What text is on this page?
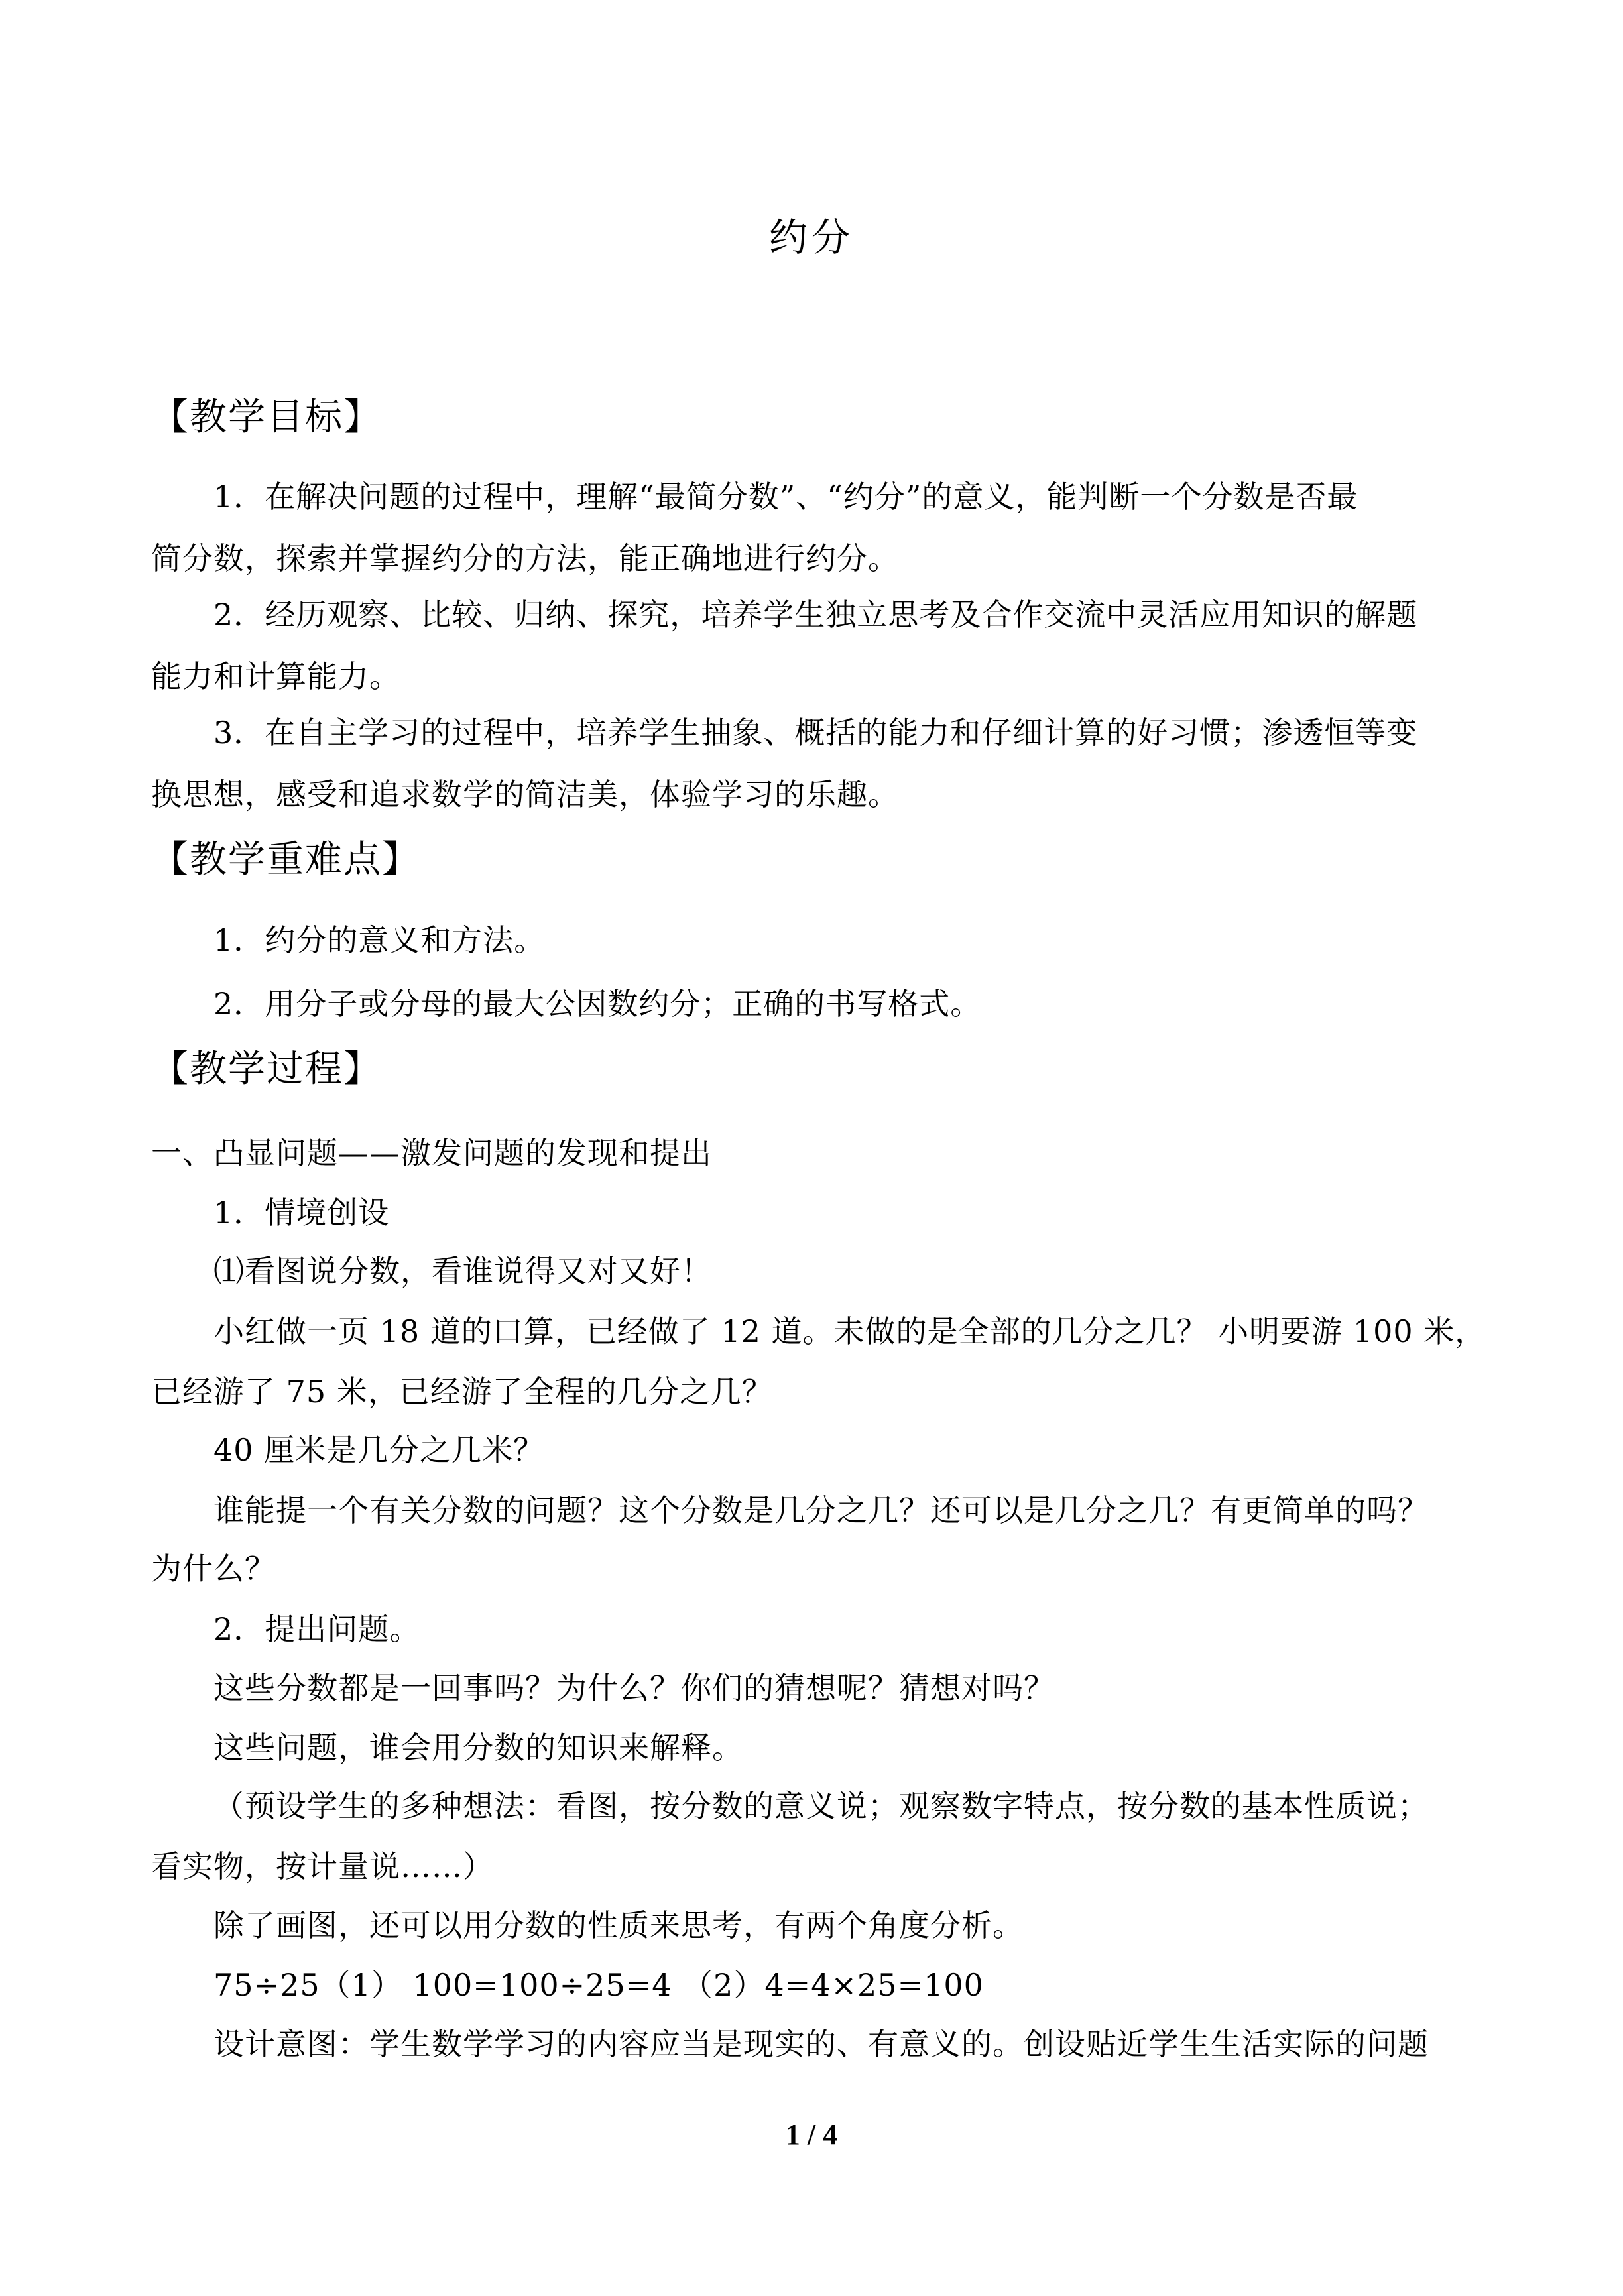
约分
【教学目标】
1．在解决问题的过程中，理解“最简分数”、“约分”的意义，能判断一个分数是否最
简分数，探索并掌握约分的方法，能正确地进行约分。
2．经历观察、比较、归纳、探究，培养学生独立思考及合作交流中灵活应用知识的解题
能力和计算能力。
3．在自主学习的过程中，培养学生抽象、概括的能力和仔细计算的好习惯；渗透恒等变
换思想，感受和追求数学的简洁美，体验学习的乐趣。
【教学重难点】
1．约分的意义和方法。
2．用分子或分母的最大公因数约分；正确的书写格式。
【教学过程】
一、凸显问题——激发问题的发现和提出
1．情境创设
⑴看图说分数，看谁说得又对又好！
小红做一页 18 道的口算，已经做了 12 道。未做的是全部的几分之几？ 小明要游 100 米，
已经游了 75 米，已经游了全程的几分之几？
40 厘米是几分之几米？
谁能提一个有关分数的问题？这个分数是几分之几？还可以是几分之几？有更简单的吗？
为什么？
2．提出问题。
这些分数都是一回事吗？为什么？你们的猜想呢？猜想对吗？
这些问题，谁会用分数的知识来解释。
（预设学生的多种想法：看图，按分数的意义说；观察数字特点，按分数的基本性质说；
看实物，按计量说……）
除了画图，还可以用分数的性质来思考，有两个角度分析。
75÷25（1） 100=100÷25=4 （2）4=4×25=100
设计意图：学生数学学习的内容应当是现实的、有意义的。创设贴近学生生活实际的问题
1 / 4
